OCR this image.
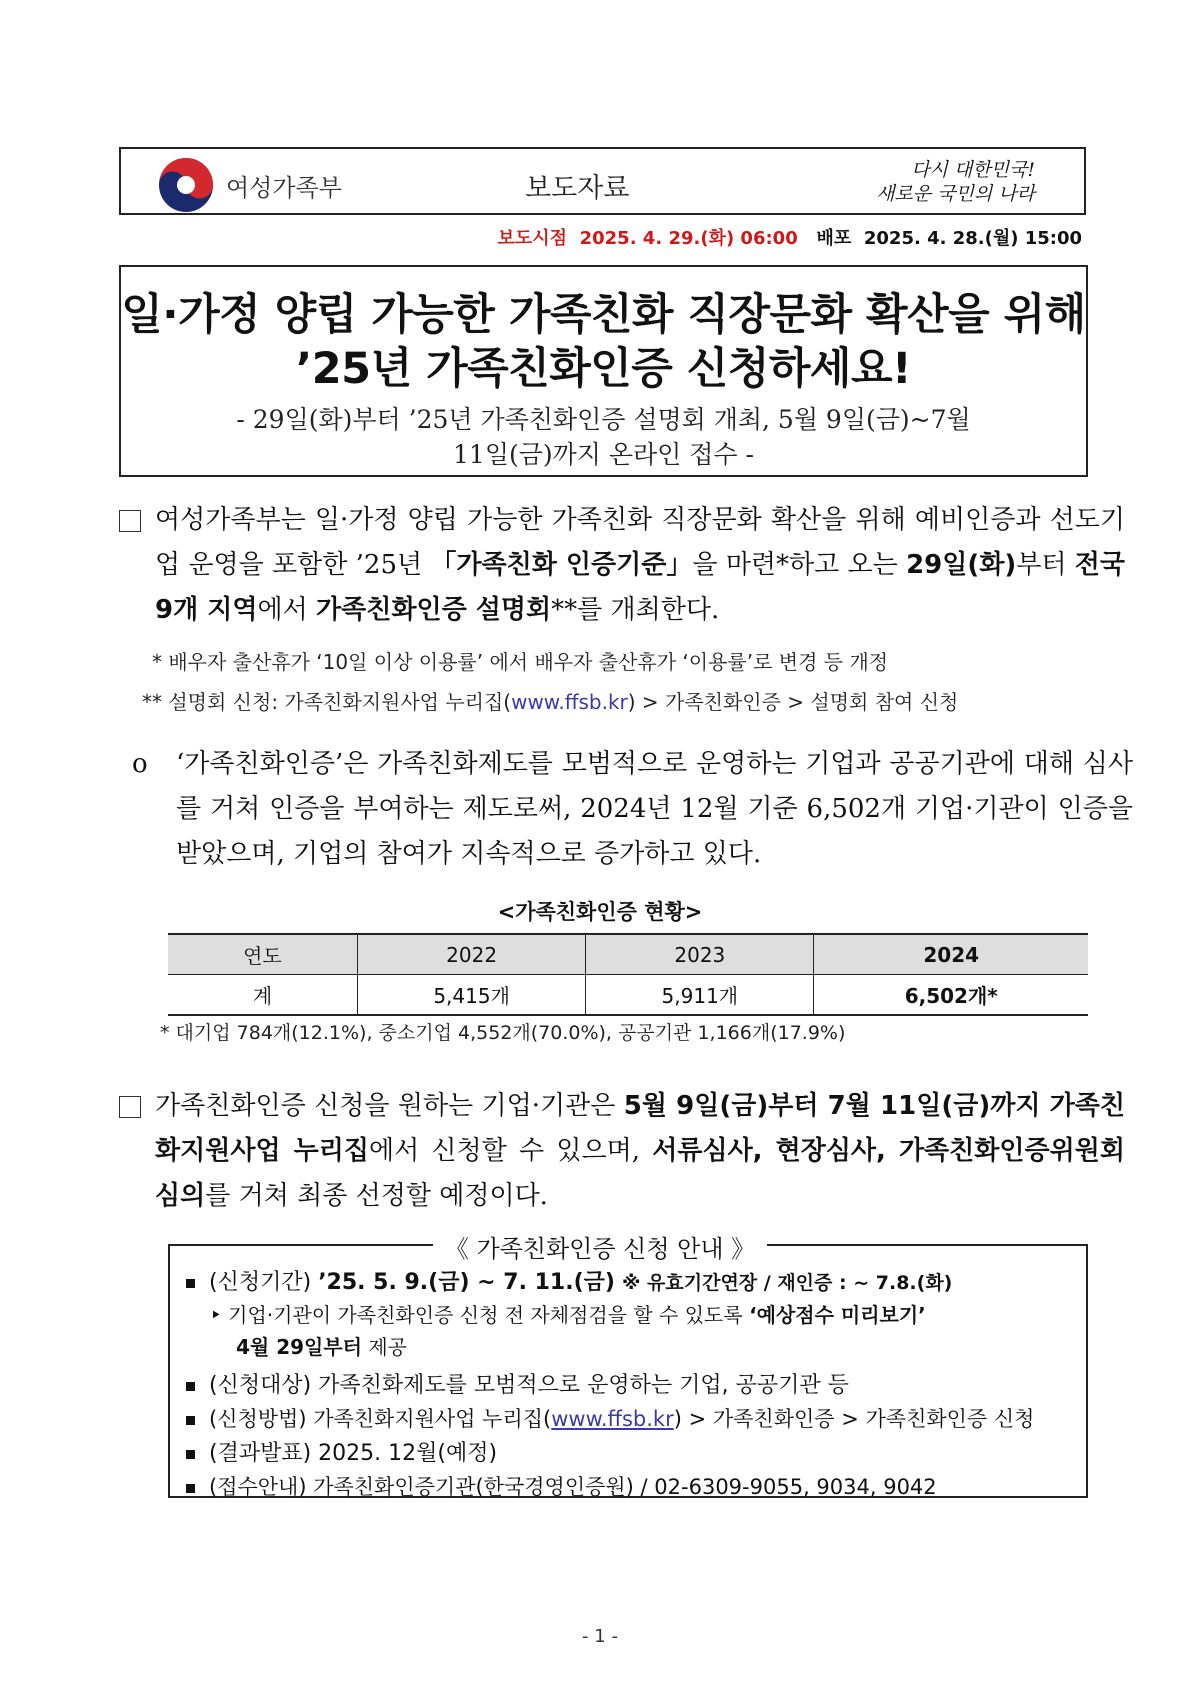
여성가족부	보도자료
다시 대한민국!
새로운 국민의 나라
보도시점 2025. 4. 29.(화) 06:00 배포 2025. 4. 28.(월) 15:00
일·가정 양립 가능한 가족친화 직장문화 확산을 위해
’25년 가족친화인증 신청하세요!
- 29일(화)부터 ’25년 가족친화인증 설명회 개최, 5월 9일(금)~7월
11일(금)까지 온라인 접수 -
여성가족부는 일·가정 양립 가능한 가족친화 직장문화 확산을 위해 예비인증과 선도기업 운영을 포함한 ’25년 「가족친화 인증기준」을 마련*하고 오는 29일(화)부터 전국 9개 지역에서 가족친화인증 설명회**를 개최한다.
* 배우자 출산휴가 ‘10일 이상 이용률’ 에서 배우자 출산휴가 ‘이용률’로 변경 등 개정
** 설명회 신청: 가족친화지원사업 누리집(www.ffsb.kr) > 가족친화인증 > 설명회 참여 신청
o ‘가족친화인증’은 가족친화제도를 모범적으로 운영하는 기업과 공공기관에 대해 심사를 거쳐 인증을 부여하는 제도로써, 2024년 12월 기준 6,502개 기업·기관이 인증을 받았으며, 기업의 참여가 지속적으로 증가하고 있다.
<가족친화인증 현황>
연도	2022	2023	2024
계	5,415개	5,911개	6,502개*
* 대기업 784개(12.1%), 중소기업 4,552개(70.0%), 공공기관 1,166개(17.9%)
가족친화인증 신청을 원하는 기업·기관은 5월 9일(금)부터 7월 11일(금)까지 가족친화지원사업 누리집에서 신청할 수 있으며, 서류심사, 현장심사, 가족친화인증위원회 심의를 거쳐 최종 선정할 예정이다.
《 가족친화인증 신청 안내 》
(신청기간) ’25. 5. 9.(금) ~ 7. 11.(금) ※ 유효기간연장 / 재인증 : ~ 7.8.(화)
‣ 기업·기관이 가족친화인증 신청 전 자체점검을 할 수 있도록 ‘예상점수 미리보기’
4월 29일부터 제공
(신청대상) 가족친화제도를 모범적으로 운영하는 기업, 공공기관 등
(신청방법) 가족친화지원사업 누리집(www.ffsb.kr) > 가족친화인증 > 가족친화인증 신청
(결과발표) 2025. 12월(예정)
(접수안내) 가족친화인증기관(한국경영인증원) / 02-6309-9055, 9034, 9042
- 1 -
